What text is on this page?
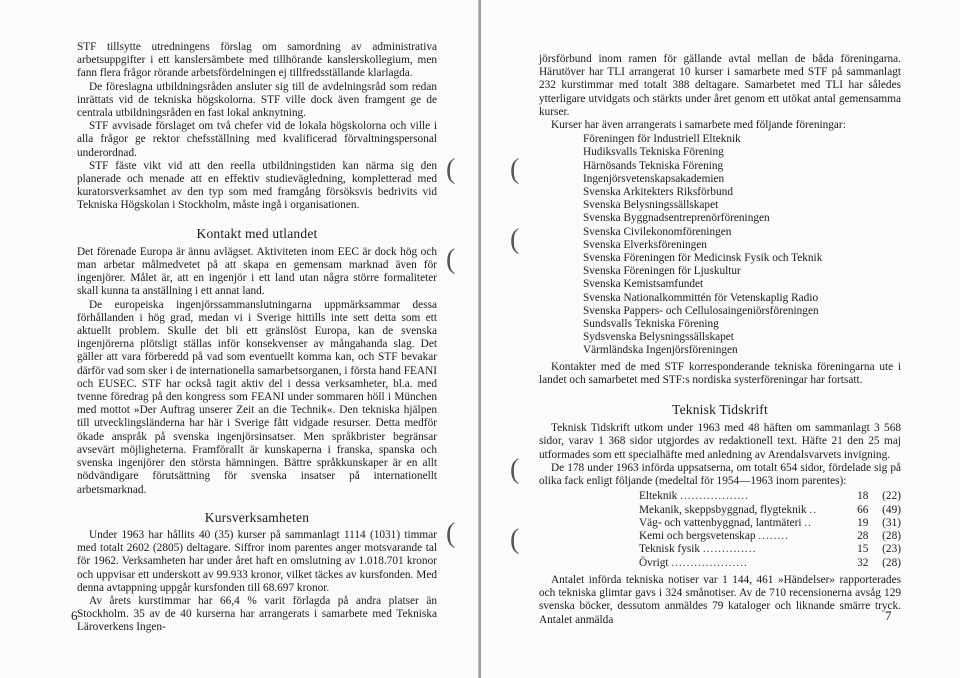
STF tillsytte utredningens förslag om samordning av administrativa arbetsuppgifter i ett kanslersämbete med tillhörande kanslerskollegium, men fann flera frågor rörande arbetsfördelningen ej tillfredsställande klarlagda.

De föreslagna utbildningsråden ansluter sig till de avdelningsråd som redan inrättats vid de tekniska högskolorna. STF ville dock även framgent ge de centrala utbildningsråden en fast lokal anknytning.

STF avvisade förslaget om två chefer vid de lokala högskolorna och ville i alla frågor ge rektor chefsställning med kvalificerad förvaltningspersonal underordnad.

STF fäste vikt vid att den reella utbildningstiden kan närma sig den planerade och menade att en effektiv studievägledning, kompletterad med kuratorsverksamhet av den typ som med framgång försöksvis bedrivits vid Tekniska Högskolan i Stockholm, måste ingå i organisationen.

Kontakt med utlandet

Det förenade Europa är ännu avlägset. Aktiviteten inom EEC är dock hög och man arbetar målmedvetet på att skapa en gemensam marknad även för ingenjörer. Målet är, att en ingenjör i ett land utan några större formaliteter skall kunna ta anställning i ett annat land.

De europeiska ingenjörssammanslutningarna uppmärksammar dessa förhållanden i hög grad, medan vi i Sverige hittills inte sett detta som ett aktuellt problem. Skulle det bli ett gränslöst Europa, kan de svenska ingenjörerna plötsligt ställas inför konsekvenser av mångahanda slag. Det gäller att vara förberedd på vad som eventuellt komma kan, och STF bevakar därför vad som sker i de internationella samarbetsorganen, i första hand FEANI och EUSEC. STF har också tagit aktiv del i dessa verksamheter, bl.a. med tvenne föredrag på den kongress som FEANI under sommaren höll i München med mottot »Der Auftrag unserer Zeit an die Technik«. Den tekniska hjälpen till utvecklingsländerna har här i Sverige fått vidgade resurser. Detta medför ökade anspråk på svenska ingenjörsinsatser. Men språkbrister begränsar avsevärt möjligheterna. Framförallt är kunskaperna i franska, spanska och svenska ingenjörer den största hämningen. Bättre språkkunskaper är en allt nödvändigare förutsättning för svenska insatser på internationellt arbetsmarknad.

Kursverksamheten

Under 1963 har hållits 40 (35) kurser på sammanlagt 1114 (1031) timmar med totalt 2602 (2805) deltagare. Siffror inom parentes anger motsvarande tal för 1962. Verksamheten har under året haft en omslutning av 1.018.701 kronor och uppvisar ett underskott av 99.933 kronor, vilket täckes av kursfonden. Med denna avtappning uppgår kursfonden till 68.697 kronor.

Av årets kurstimmar har 66,4 % varit förlagda på andra platser än Stockholm. 35 av de 40 kurserna har arrangerats i samarbete med Tekniska Läroverkens Ingen-

6

jörsförbund inom ramen för gällande avtal mellan de båda föreningarna. Härutöver har TLI arrangerat 10 kurser i samarbete med STF på sammanlagt 232 kurstimmar med totalt 388 deltagare. Samarbetet med TLI har således ytterligare utvidgats och stärkts under året genom ett utökat antal gemensamma kurser.

Kurser har även arrangerats i samarbete med följande föreningar:

Föreningen för Industriell Elteknik
Hudiksvalls Tekniska Förening
Härnösands Tekniska Förening
Ingenjörsvetenskapsakademien
Svenska Arkitekters Riksförbund
Svenska Belysningssällskapet
Svenska Byggnadsentreprenörföreningen
Svenska Civilekonomföreningen
Svenska Elverksföreningen
Svenska Föreningen för Medicinsk Fysik och Teknik
Svenska Föreningen för Ljuskultur
Svenska Kemistsamfundet
Svenska Nationalkommittén för Vetenskaplig Radio
Svenska Pappers- och Cellulosaingeniörsföreningen
Sundsvalls Tekniska Förening
Sydsvenska Belysningssällskapet
Värmländska Ingenjörsföreningen

Kontakter med de med STF korresponderande tekniska föreningarna ute i landet och samarbetet med STF:s nordiska systerföreningar har fortsatt.

Teknisk Tidskrift

Teknisk Tidskrift utkom under 1963 med 48 häften om sammanlagt 3 568 sidor, varav 1 368 sidor utgjordes av redaktionell text. Häfte 21 den 25 maj utformades som ett specialhäfte med anledning av Arendalsvarvets invigning.

De 178 under 1963 införda uppsatserna, om totalt 654 sidor, fördelade sig på olika fack enligt följande (medeltal för 1954—1963 inom parentes):

Elteknik ..................	18	(22)
Mekanik, skeppsbyggnad, flygteknik ..	66	(49)
Väg- och vattenbyggnad, lantmäteri ..	19	(31)
Kemi och bergsvetenskap ........	28	(28)
Teknisk fysik ..............	15	(23)
Övrigt ....................	32	(28)

Antalet införda tekniska notiser var 1 144, 461 »Händelser» rapporterades och tekniska glimtar gavs i 324 smånotiser. Av de 710 recensionerna avsåg 129 svenska böcker, dessutom anmäldes 79 kataloger och liknande smärre tryck. Antalet anmälda	7
(
(
(
(
(
(
(
